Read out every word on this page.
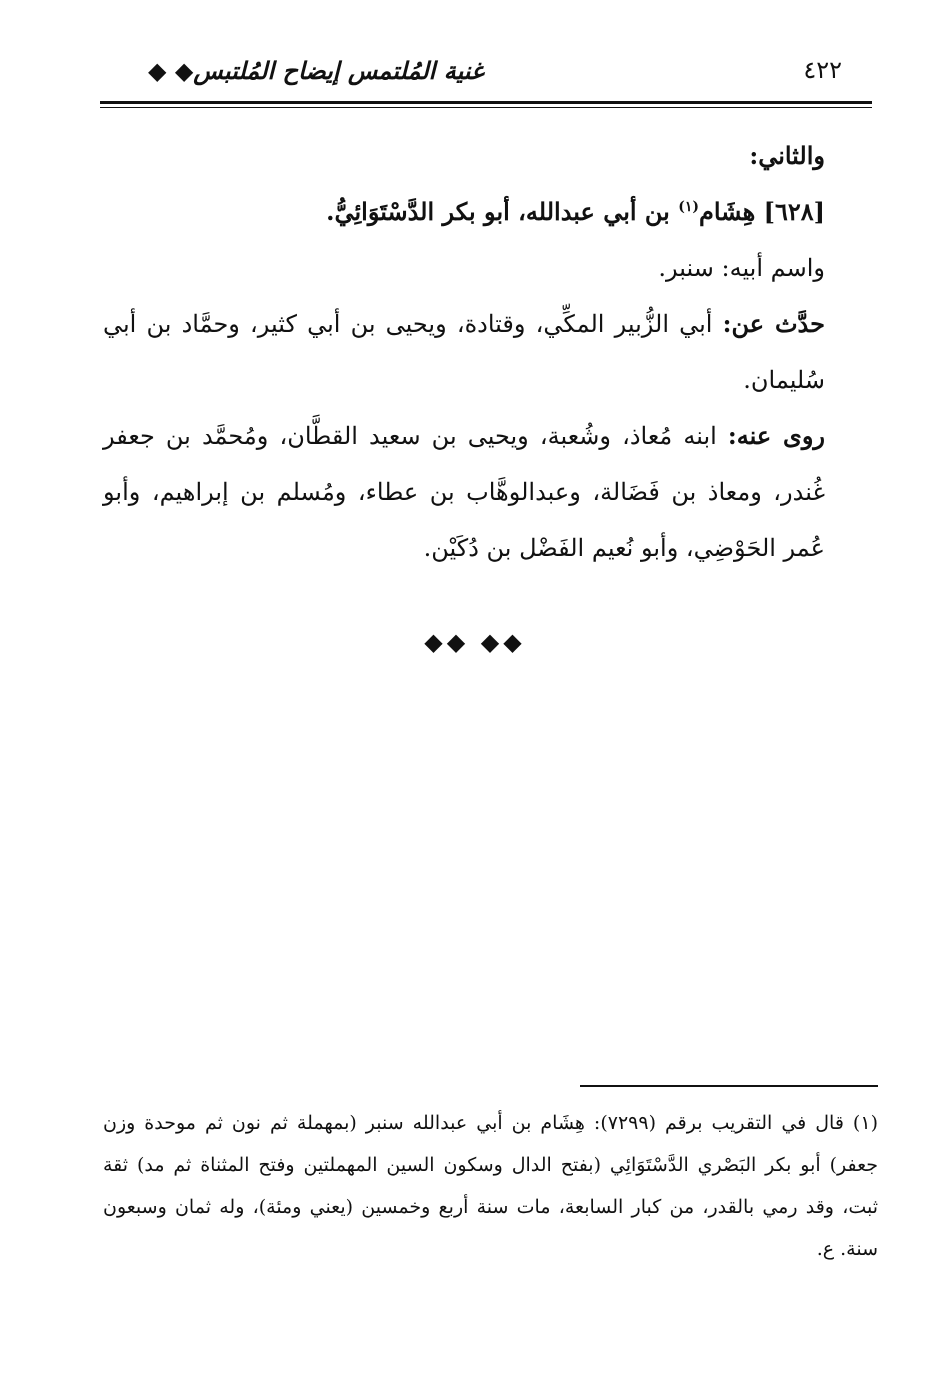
٤٢٢
غنية المُلتمس إيضاح المُلتبس◆ ◆

والثاني:

[٦٢٨] هِشَام$^{(١)}$ بن أبي عبدالله، أبو بكر الدَّسْتَوَائِيُّ.

واسم أبيه: سنبر.

حدَّث عن: أبي الزُّبير المكِّي، وقتادة، ويحيى بن أبي كثير، وحمَّاد بن أبي سُليمان.

روى عنه: ابنه مُعاذ، وشُعبة، ويحيى بن سعيد القطَّان، ومُحمَّد بن جعفر غُندر، ومعاذ بن فَضَالة، وعبدالوهَّاب بن عطاء، ومُسلم بن إبراهيم، وأبو عُمر الحَوْضِي، وأبو نُعيم الفَضْل بن دُكَيْن.

◆◆ ◆◆

(١) قال في التقريب برقم (٧٢٩٩): هِشَام بن أبي عبدالله سنبر (بمهملة ثم نون ثم موحدة وزن جعفر) أبو بكر البَصْري الدَّسْتَوَائِي (بفتح الدال وسكون السين المهملتين وفتح المثناة ثم مد) ثقة ثبت، وقد رمي بالقدر، من كبار السابعة، مات سنة أربع وخمسين (يعني ومئة)، وله ثمان وسبعون سنة. ع.
